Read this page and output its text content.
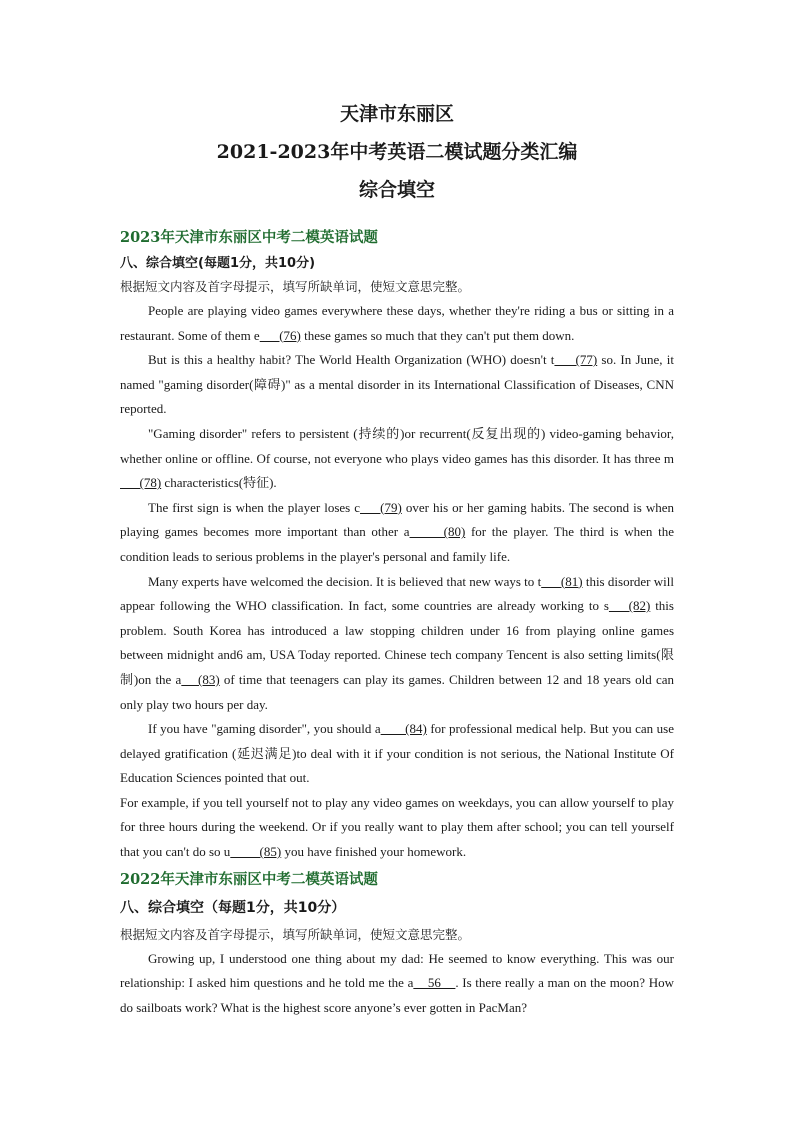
天津市东丽区
2021-2023年中考英语二模试题分类汇编
综合填空
2023年天津市东丽区中考二模英语试题
八、综合填空(每题1分，共10分)
根据短文内容及首字母提示，填写所缺单词，使短文意思完整。

People are playing video games everywhere these days, whether they're riding a bus or sitting in a restaurant. Some of them e      (76) these games so much that they can't put them down.

But is this a healthy habit? The World Health Organization (WHO) doesn't t     (77) so. In June, it named "gaming disorder(障碍)" as a mental disorder in its International Classification of Diseases, CNN reported.

"Gaming disorder" refers to persistent (持续的)or recurrent(反复出现的) video-gaming behavior, whether online or offline. Of course, not everyone who plays video games has this disorder. It has three m      (78) characteristics(特征).

The first sign is when the player loses c     (79) over his or her gaming habits. The second is when playing games becomes more important than other a      (80) for the player. The third is when the condition leads to serious problems in the player's personal and family life.

Many experts have welcomed the decision. It is believed that new ways to t      (81) this disorder will appear following the WHO classification. In fact, some countries are already working to s    (82) this problem. South Korea has introduced a law stopping children under 16 from playing online games between midnight and6 am, USA Today reported. Chinese tech company Tencent is also setting limits(限制)on the a    (83) of time that teenagers can play its games. Children between 12 and 18 years old can only play two hours per day.

If you have "gaming disorder", you should a       (84) for professional medical help. But you can use delayed gratification (延迟满足)to deal with it if your condition is not serious, the National Institute Of Education Sciences pointed that out.

For example, if you tell yourself not to play any video games on weekdays, you can allow yourself to play for three hours during the weekend. Or if you really want to play them after school; you can tell yourself that you can't do so u         (85) you have finished your homework.

2022年天津市东丽区中考二模英语试题
八、综合填空（每题1分，共10分）
根据短文内容及首字母提示，填写所缺单词，使短文意思完整。

Growing up, I understood one thing about my dad: He seemed to know everything. This was our relationship: I asked him questions and he told me the a    56    . Is there really a man on the moon? How do sailboats work? What is the highest score anyone’s ever gotten in PacMan?
